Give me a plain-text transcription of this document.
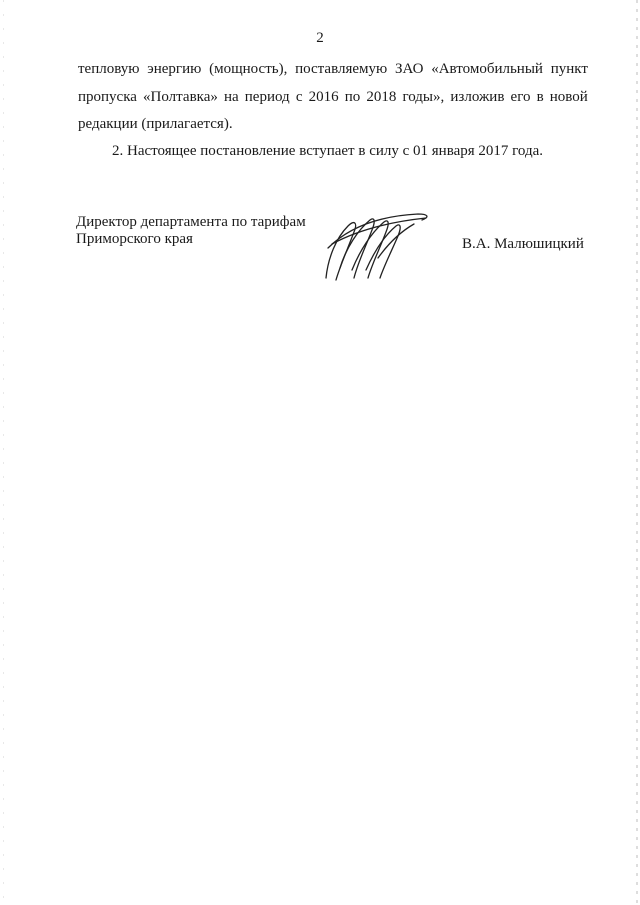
2
тепловую энергию (мощность), поставляемую ЗАО «Автомобильный пункт
пропуска «Полтавка» на период с 2016 по 2018 годы», изложив его в новой
редакции (прилагается).
2. Настоящее постановление вступает в силу с 01 января 2017 года.
Директор департамента по тарифам
Приморского края	В.А. Малюшицкий
